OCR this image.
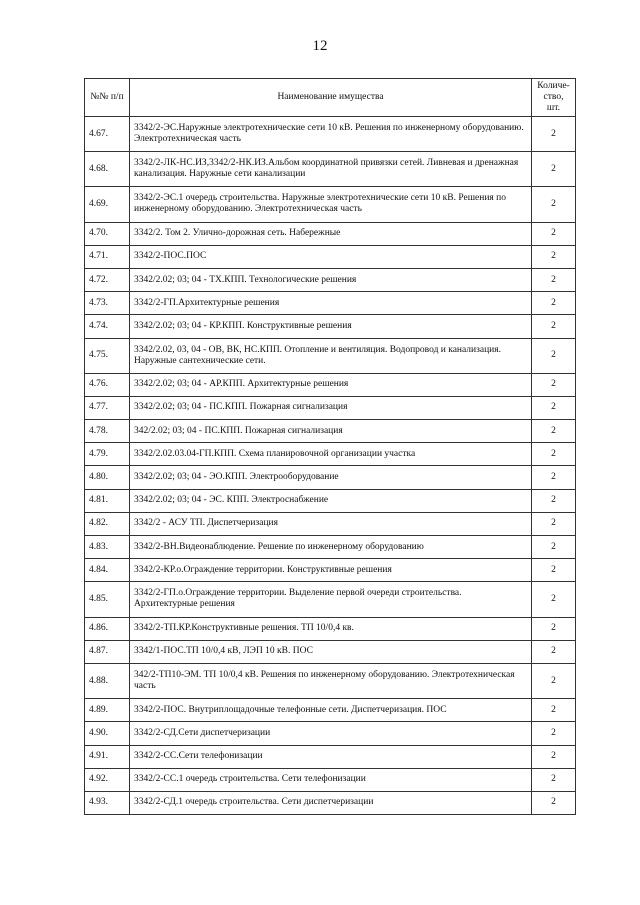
12
№№ п/п	Наименование имущества	Количе-ство, шт.
4.67.	3342/2-ЭС.Наружные электротехнические сети 10 кВ. Решения по инженерному оборудованию. Электротехническая часть	2
4.68.	3342/2-ЛК-НС.ИЗ,3342/2-НК.ИЗ.Альбом координатной привязки сетей. Ливневая и дренажная канализация. Наружные сети канализации	2
4.69.	3342/2-ЭС.1 очередь строительства. Наружные электротехнические сети 10 кВ. Решения по инженерному оборудованию. Электротехническая часть	2
4.70.	3342/2. Том 2. Улично-дорожная сеть. Набережные	2
4.71.	3342/2-ПОС.ПОС	2
4.72.	3342/2.02; 03; 04 - ТХ.КПП. Технологические решения	2
4.73.	3342/2-ГП.Архитектурные решения	2
4.74.	3342/2.02; 03; 04 - КР.КПП. Конструктивные решения	2
4.75.	3342/2.02, 03, 04 - ОВ, ВК, НС.КПП. Отопление и вентиляция. Водопровод и канализация. Наружные сантехнические сети.	2
4.76.	3342/2.02; 03; 04 - АР.КПП. Архитектурные решения	2
4.77.	3342/2.02; 03; 04 - ПС.КПП. Пожарная сигнализация	2
4.78.	342/2.02; 03; 04 - ПС.КПП. Пожарная сигнализация	2
4.79.	3342/2.02.03.04-ГП.КПП. Схема планировочной организации участка	2
4.80.	3342/2.02; 03; 04 - ЭО.КПП. Электрооборудование	2
4.81.	3342/2.02; 03; 04 - ЭС. КПП. Электроснабжение	2
4.82.	3342/2 - АСУ ТП. Диспетчеризация	2
4.83.	3342/2-ВН.Видеонаблюдение. Решение по инженерному оборудованию	2
4.84.	3342/2-КР.о.Ограждение территории. Конструктивные решения	2
4.85.	3342/2-ГП.о.Ограждение территории. Выделение первой очереди строительства. Архитектурные решения	2
4.86.	3342/2-ТП.КР.Конструктивные решения. ТП 10/0,4 кв.	2
4.87.	3342/1-ПОС.ТП 10/0,4 кВ, ЛЭП 10 кВ. ПОС	2
4.88.	342/2-ТП10-ЭМ. ТП 10/0,4 кВ. Решения по инженерному оборудованию. Электротехническая часть	2
4.89.	3342/2-ПОС. Внутриплощадочные телефонные сети. Диспетчеризация. ПОС	2
4.90.	3342/2-СД.Сети диспетчеризации	2
4.91.	3342/2-СС.Сети телефонизации	2
4.92.	3342/2-СС.1 очередь строительства. Сети телефонизации	2
4.93.	3342/2-СД.1 очередь строительства. Сети диспетчеризации	2
